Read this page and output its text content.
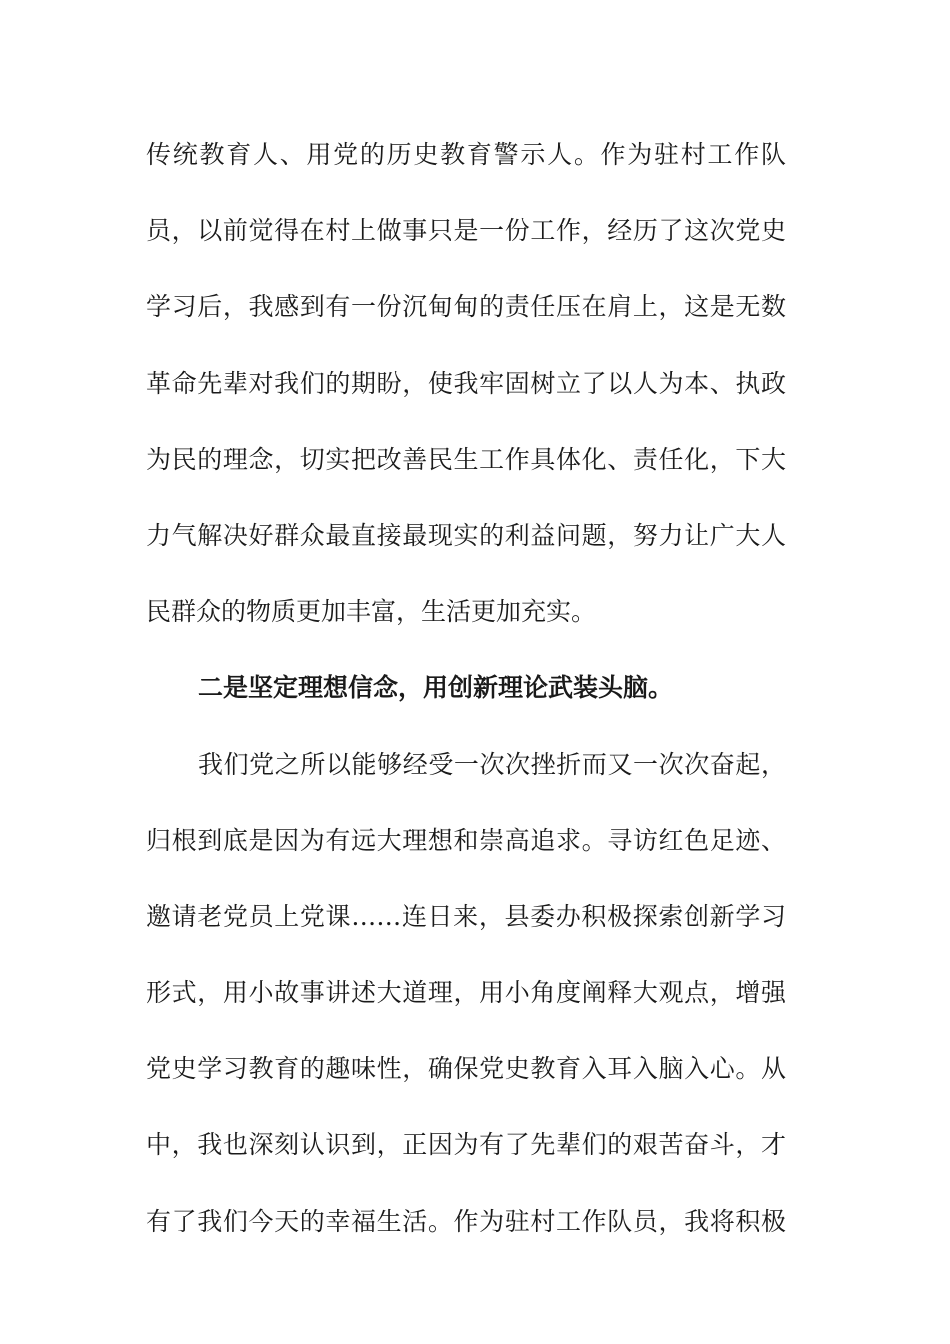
传统教育人、用党的历史教育警示人。作为驻村工作队
员，以前觉得在村上做事只是一份工作，经历了这次党史
学习后，我感到有一份沉甸甸的责任压在肩上，这是无数
革命先辈对我们的期盼，使我牢固树立了以人为本、执政
为民的理念，切实把改善民生工作具体化、责任化，下大
力气解决好群众最直接最现实的利益问题，努力让广大人
民群众的物质更加丰富，生活更加充实。
二是坚定理想信念，用创新理论武装头脑。
我们党之所以能够经受一次次挫折而又一次次奋起，
归根到底是因为有远大理想和崇高追求。寻访红色足迹、
邀请老党员上党课……连日来，县委办积极探索创新学习
形式，用小故事讲述大道理，用小角度阐释大观点，增强
党史学习教育的趣味性，确保党史教育入耳入脑入心。从
中，我也深刻认识到，正因为有了先辈们的艰苦奋斗，才
有了我们今天的幸福生活。作为驻村工作队员，我将积极
